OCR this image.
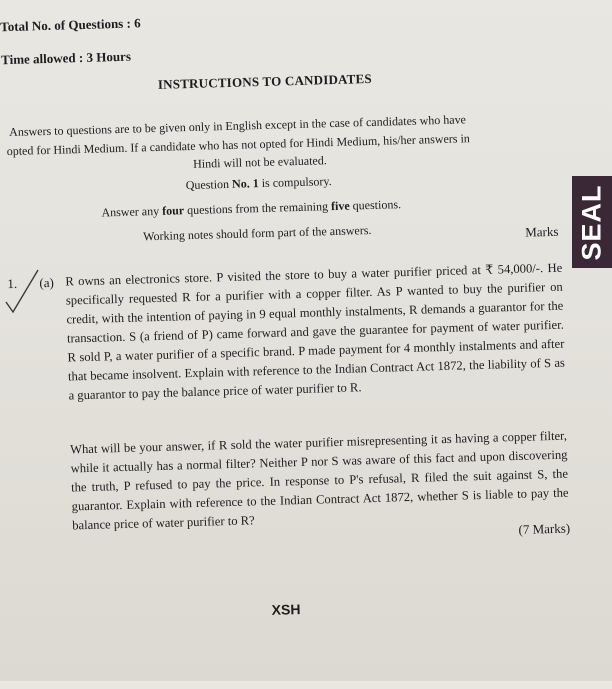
Total No. of Questions : 6
Time allowed : 3 Hours
INSTRUCTIONS TO CANDIDATES
Answers to questions are to be given only in English except in the case of candidates who have
opted for Hindi Medium. If a candidate who has not opted for Hindi Medium, his/her answers in
Hindi will not be evaluated.
Question No. 1 is compulsory.
Answer any four questions from the remaining five questions.
Working notes should form part of the answers.	Marks
1. (a) R owns an electronics store. P visited the store to buy a water purifier priced at ₹ 54,000/-. He specifically requested R for a purifier with a copper filter. As P wanted to buy the purifier on credit, with the intention of paying in 9 equal monthly instalments, R demands a guarantor for the transaction. S (a friend of P) came forward and gave the guarantee for payment of water purifier. R sold P, a water purifier of a specific brand. P made payment for 4 monthly instalments and after that became insolvent. Explain with reference to the Indian Contract Act 1872, the liability of S as a guarantor to pay the balance price of water purifier to R.
What will be your answer, if R sold the water purifier misrepresenting it as having a copper filter, while it actually has a normal filter? Neither P nor S was aware of this fact and upon discovering the truth, P refused to pay the price. In response to P's refusal, R filed the suit against S, the guarantor. Explain with reference to the Indian Contract Act 1872, whether S is liable to pay the balance price of water purifier to R?	(7 Marks)
XSH
SEAL
